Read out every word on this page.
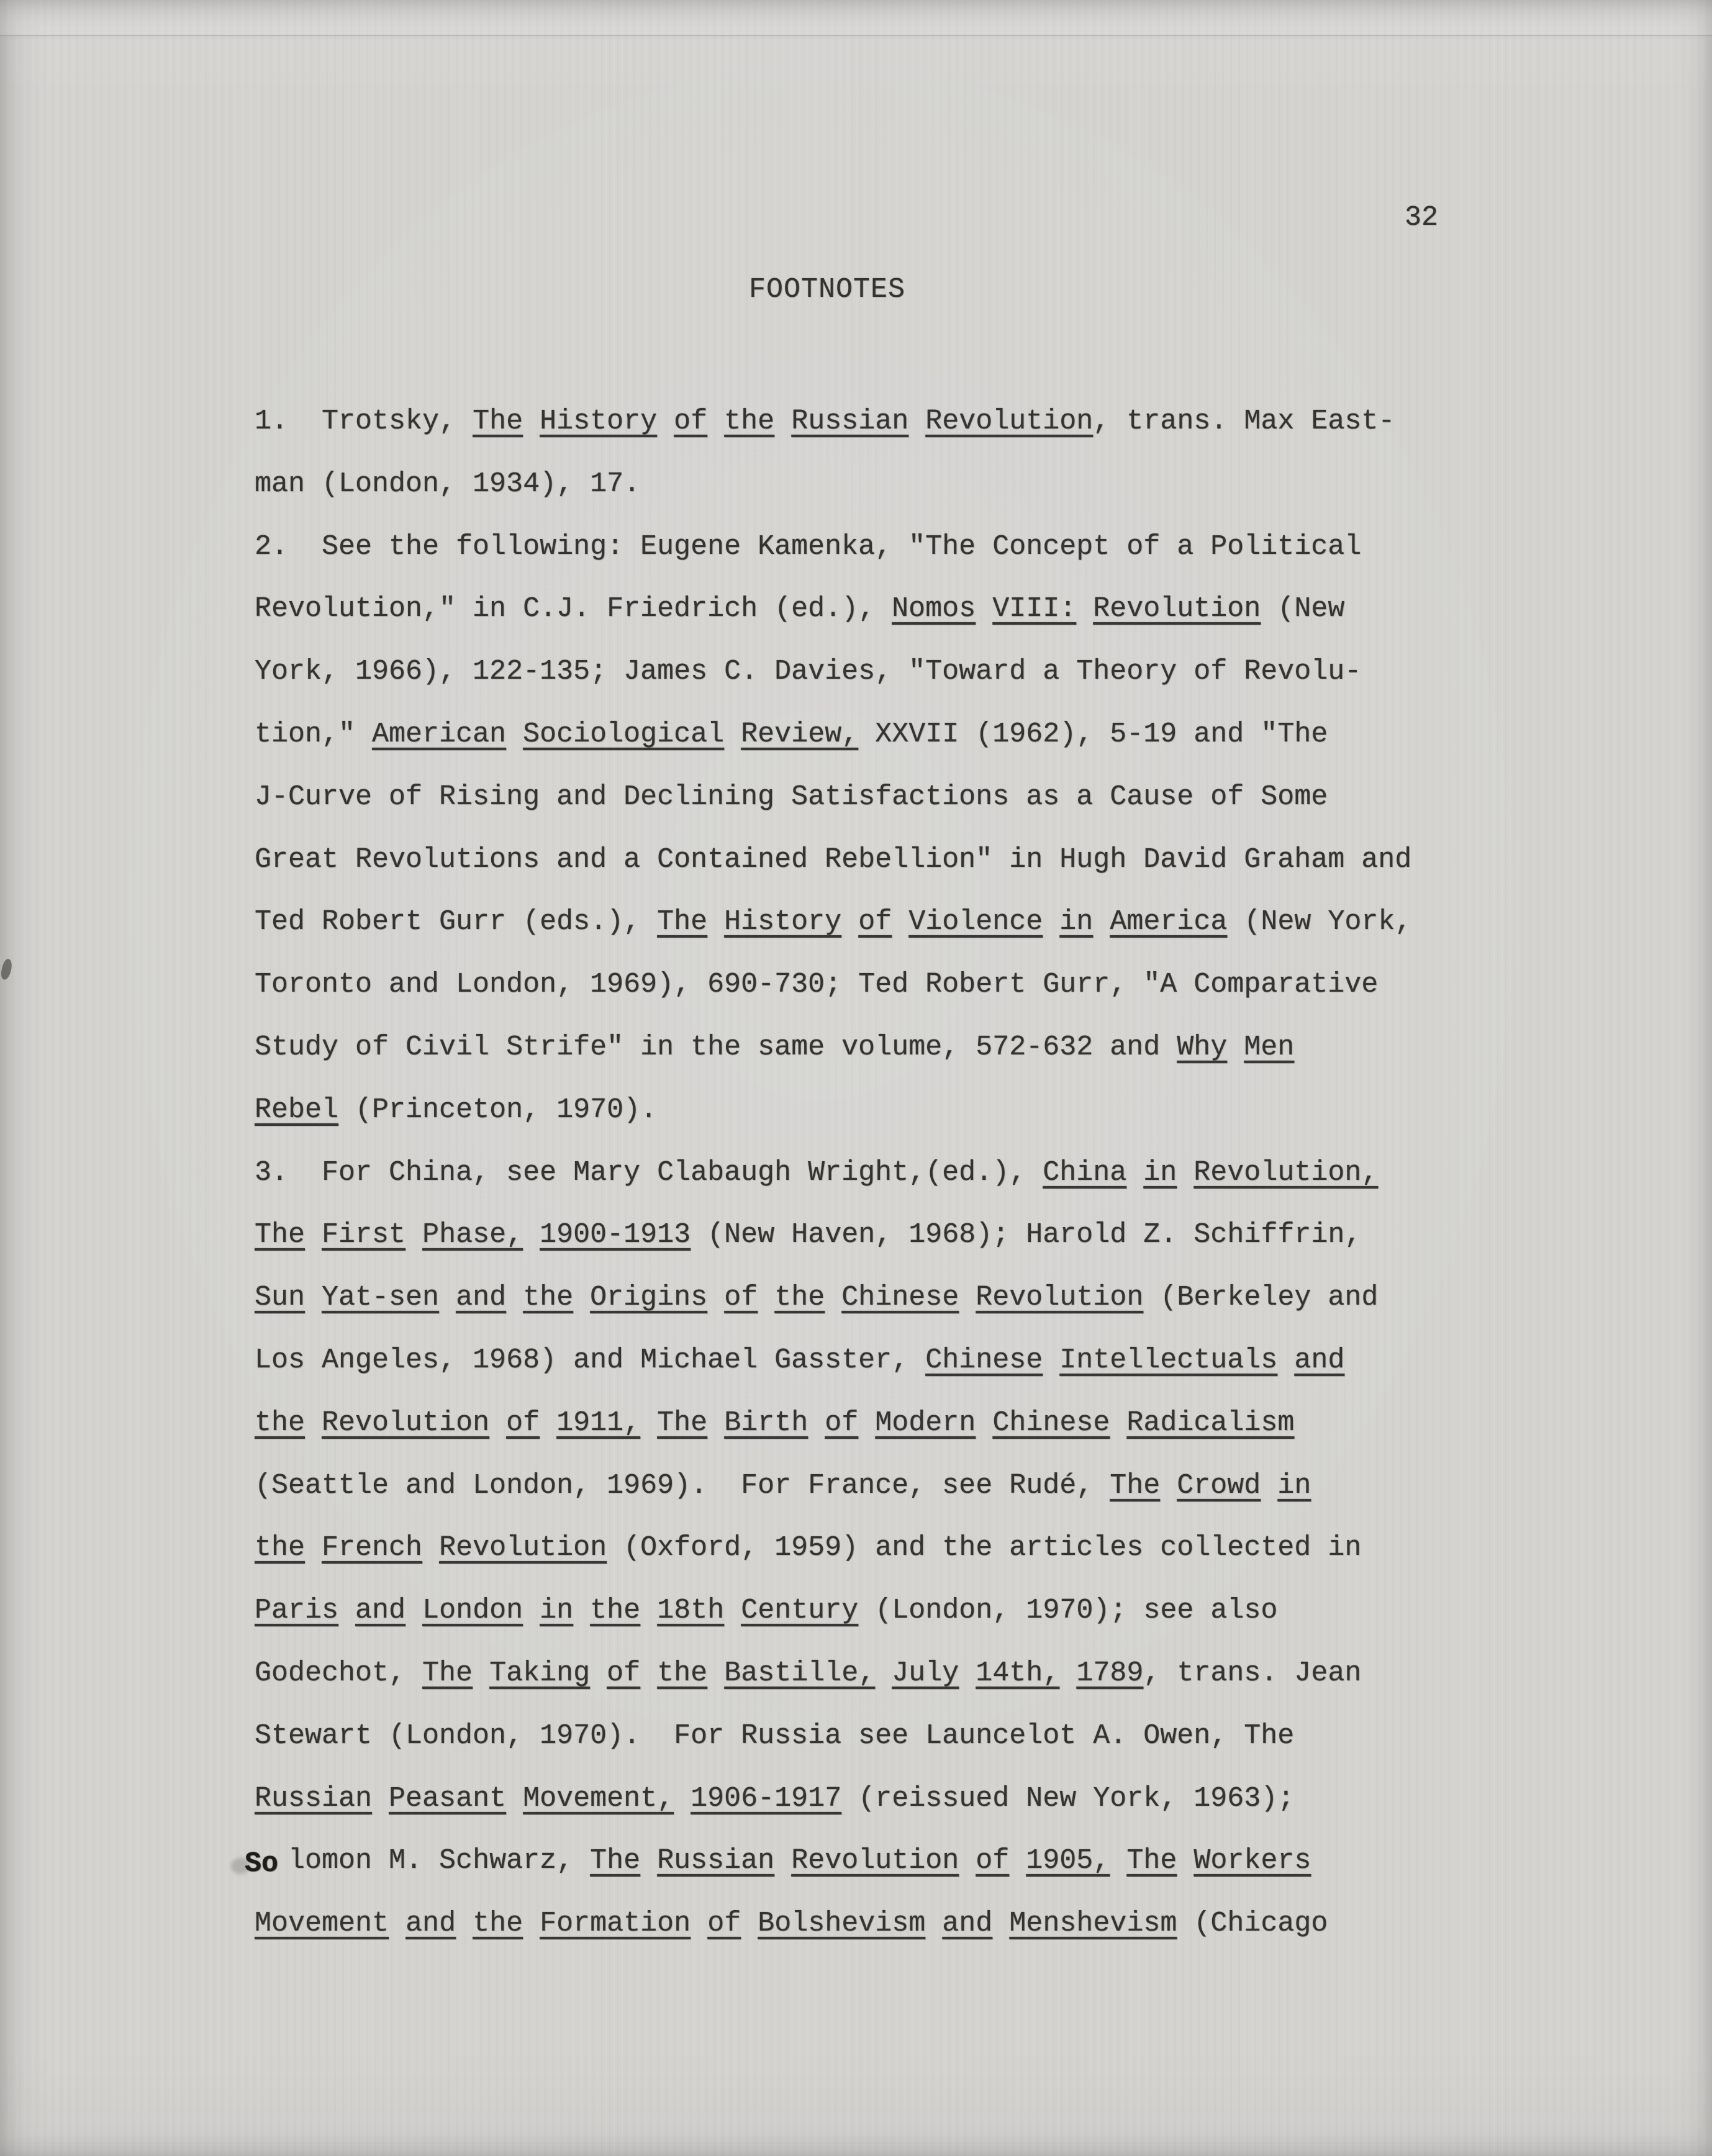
32
FOOTNOTES
1.  Trotsky, The History of the Russian Revolution, trans. Max East-
man (London, 1934), 17.
2.  See the following: Eugene Kamenka, "The Concept of a Political
Revolution," in C.J. Friedrich (ed.), Nomos VIII: Revolution (New
York, 1966), 122-135; James C. Davies, "Toward a Theory of Revolu-
tion," American Sociological Review, XXVII (1962), 5-19 and "The
J-Curve of Rising and Declining Satisfactions as a Cause of Some
Great Revolutions and a Contained Rebellion" in Hugh David Graham and
Ted Robert Gurr (eds.), The History of Violence in America (New York,
Toronto and London, 1969), 690-730; Ted Robert Gurr, "A Comparative
Study of Civil Strife" in the same volume, 572-632 and Why Men
Rebel (Princeton, 1970).
3.  For China, see Mary Clabaugh Wright,(ed.), China in Revolution,
The First Phase, 1900-1913 (New Haven, 1968); Harold Z. Schiffrin,
Sun Yat-sen and the Origins of the Chinese Revolution (Berkeley and
Los Angeles, 1968) and Michael Gasster, Chinese Intellectuals and
the Revolution of 1911, The Birth of Modern Chinese Radicalism
(Seattle and London, 1969).  For France, see Rudé, The Crowd in
the French Revolution (Oxford, 1959) and the articles collected in
Paris and London in the 18th Century (London, 1970); see also
Godechot, The Taking of the Bastille, July 14th, 1789, trans. Jean
Stewart (London, 1970).  For Russia see Launcelot A. Owen, The
Russian Peasant Movement, 1906-1917 (reissued New York, 1963);
So lomon M. Schwarz, The Russian Revolution of 1905, The Workers
Movement and the Formation of Bolshevism and Menshevism (Chicago
